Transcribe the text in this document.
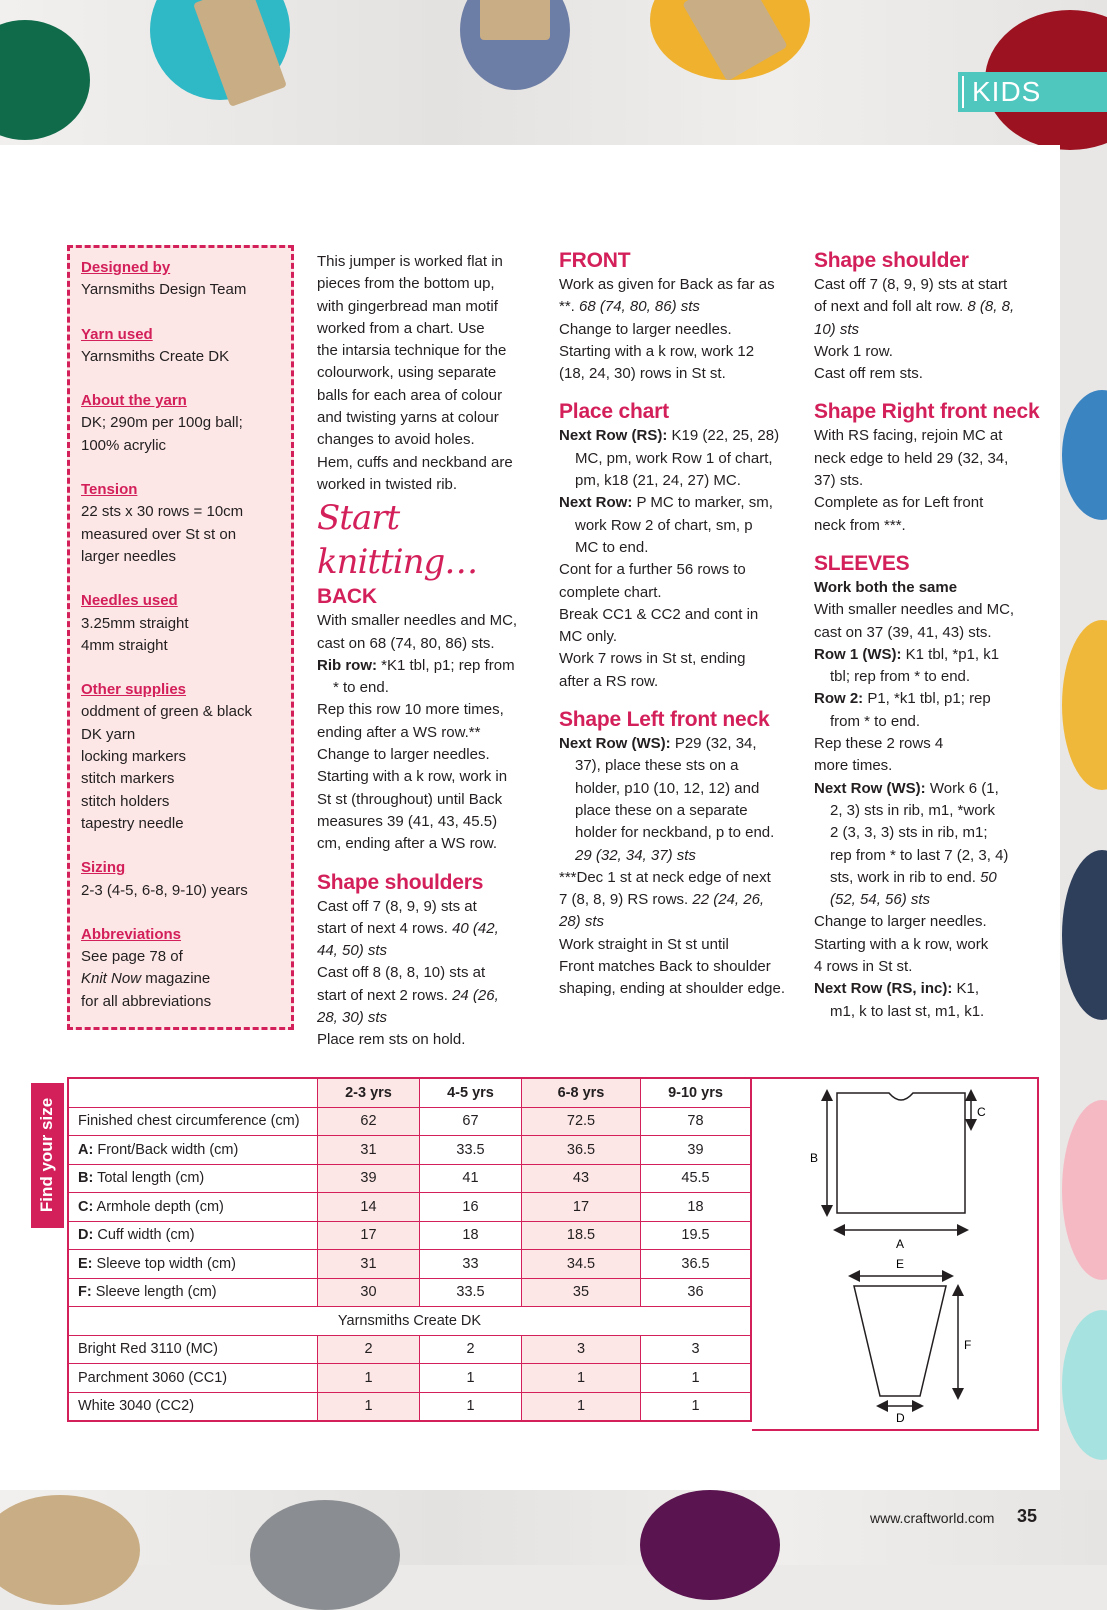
KIDS

Designed by

Yarnsmiths Design Team

Yarn used

Yarnsmiths Create DK

About the yarn

DK; 290m per 100g ball;

100% acrylic

Tension

22 sts x 30 rows = 10cm

measured over St st on

larger needles

Needles used

3.25mm straight

4mm straight

Other supplies

oddment of green & black

DK yarn

locking markers

stitch markers

stitch holders

tapestry needle

Sizing

2-3 (4-5, 6-8, 9-10) years

Abbreviations

See page 78 of

Knit Now magazine

for all abbreviations

This jumper is worked flat in

pieces from the bottom up,

with gingerbread man motif

worked from a chart. Use

the intarsia technique for the

colourwork, using separate

balls for each area of colour

and twisting yarns at colour

changes to avoid holes.

Hem, cuffs and neckband are

worked in twisted rib.

Start knitting…

BACK

With smaller needles and MC,

cast on 68 (74, 80, 86) sts.

Rib row: *K1 tbl, p1; rep from

* to end.

Rep this row 10 more times,

ending after a WS row.**

Change to larger needles.

Starting with a k row, work in

St st (throughout) until Back

measures 39 (41, 43, 45.5)

cm, ending after a WS row.

Shape shoulders

Cast off 7 (8, 9, 9) sts at

start of next 4 rows. 40 (42,

44, 50) sts

Cast off 8 (8, 8, 10) sts at

start of next 2 rows. 24 (26,

28, 30) sts

Place rem sts on hold.

FRONT

Work as given for Back as far as

**. 68 (74, 80, 86) sts

Change to larger needles.

Starting with a k row, work 12

(18, 24, 30) rows in St st.

Place chart

Next Row (RS): K19 (22, 25, 28)

MC, pm, work Row 1 of chart,

pm, k18 (21, 24, 27) MC.

Next Row: P MC to marker, sm,

work Row 2 of chart, sm, p

MC to end.

Cont for a further 56 rows to

complete chart.

Break CC1 & CC2 and cont in

MC only.

Work 7 rows in St st, ending

after a RS row.

Shape Left front neck

Next Row (WS): P29 (32, 34,

37), place these sts on a

holder, p10 (10, 12, 12) and

place these on a separate

holder for neckband, p to end.

29 (32, 34, 37) sts

***Dec 1 st at neck edge of next

7 (8, 8, 9) RS rows. 22 (24, 26,

28) sts

Work straight in St st until

Front matches Back to shoulder

shaping, ending at shoulder edge.

Shape shoulder

Cast off 7 (8, 9, 9) sts at start

of next and foll alt row. 8 (8, 8,

10) sts

Work 1 row.

Cast off rem sts.

Shape Right front neck

With RS facing, rejoin MC at

neck edge to held 29 (32, 34,

37) sts.

Complete as for Left front

neck from ***.

SLEEVES

Work both the same

With smaller needles and MC,

cast on 37 (39, 41, 43) sts.

Row 1 (WS): K1 tbl, *p1, k1

tbl; rep from * to end.

Row 2: P1, *k1 tbl, p1; rep

from * to end.

Rep these 2 rows 4

more times.

Next Row (WS): Work 6 (1,

2, 3) sts in rib, m1, *work

2 (3, 3, 3) sts in rib, m1;

rep from * to last 7 (2, 3, 4)

sts, work in rib to end. 50

(52, 54, 56) sts

Change to larger needles.

Starting with a k row, work

4 rows in St st.

Next Row (RS, inc): K1,

m1, k to last st, m1, k1.

Find your size
	2-3 yrs	4-5 yrs	6-8 yrs	9-10 yrs
Finished chest circumference (cm)	62	67	72.5	78
A: Front/Back width (cm)	31	33.5	36.5	39
B: Total length (cm)	39	41	43	45.5
C: Armhole depth (cm)	14	16	17	18
D: Cuff width (cm)	17	18	18.5	19.5
E: Sleeve top width (cm)	31	33	34.5	36.5
F: Sleeve length (cm)	30	33.5	35	36
Yarnsmiths Create DK				
Bright Red 3110 (MC)	2	2	3	3
Parchment 3060 (CC1)	1	1	1	1
White 3040 (CC2)	1	1	1	1
B
C
A
E
F
D
www.craftworld.com 35
